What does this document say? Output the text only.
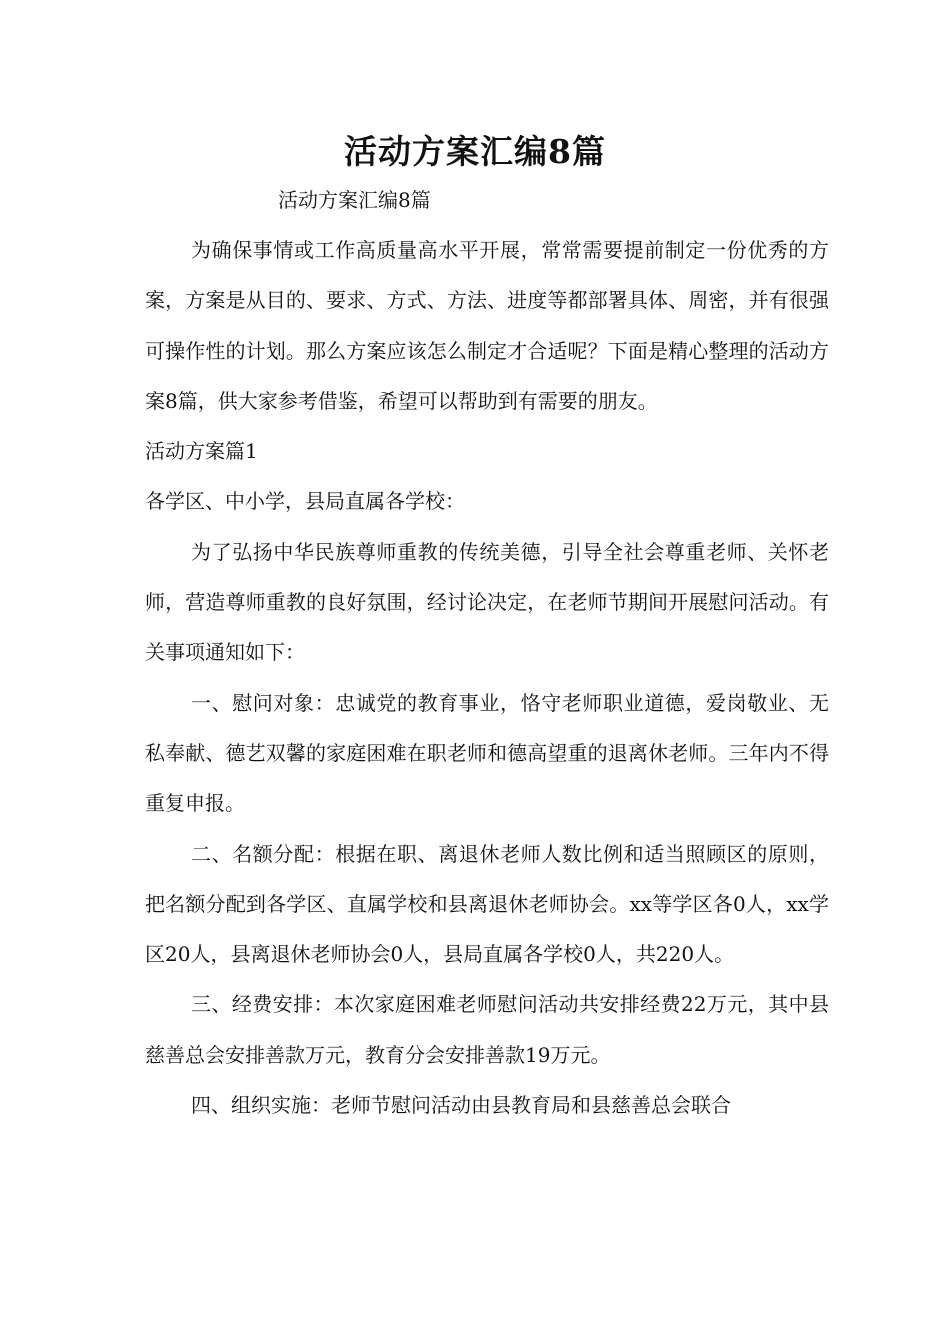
活动方案汇编8篇
活动方案汇编8篇

为确保事情或工作高质量高水平开展，常常需要提前制定一份优秀的方案，方案是从目的、要求、方式、方法、进度等都部署具体、周密，并有很强可操作性的计划。那么方案应该怎么制定才合适呢？下面是精心整理的活动方案8篇，供大家参考借鉴，希望可以帮助到有需要的朋友。

活动方案篇1

各学区、中小学，县局直属各学校：

为了弘扬中华民族尊师重教的传统美德，引导全社会尊重老师、关怀老师，营造尊师重教的良好氛围，经讨论决定，在老师节期间开展慰问活动。有关事项通知如下：

一、慰问对象：忠诚党的教育事业，恪守老师职业道德，爱岗敬业、无私奉献、德艺双馨的家庭困难在职老师和德高望重的退离休老师。三年内不得重复申报。

二、名额分配：根据在职、离退休老师人数比例和适当照顾区的原则，把名额分配到各学区、直属学校和县离退休老师协会。xx等学区各0人，xx学区20人，县离退休老师协会0人，县局直属各学校0人，共220人。

三、经费安排：本次家庭困难老师慰问活动共安排经费22万元，其中县慈善总会安排善款万元，教育分会安排善款19万元。

四、组织实施：老师节慰问活动由县教育局和县慈善总会联合
